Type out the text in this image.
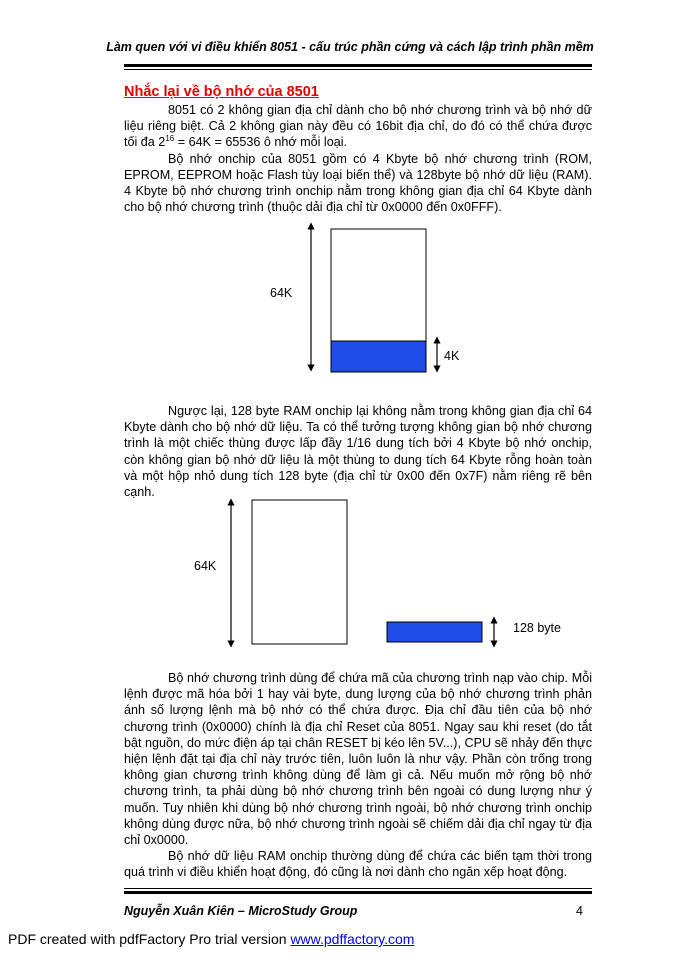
Làm quen với vi điều khiển 8051 - cấu trúc phần cứng và cách lập trình phần mềm
Nhắc lại về bộ nhớ của 8501

8051 có 2 không gian địa chỉ dành cho bộ nhớ chương trình và bộ nhớ dữ liệu riêng biệt. Cả 2 không gian này đều có 16bit địa chỉ, do đó có thể chứa được tối đa $2^{16} = 64K = 65536$ ô nhớ mỗi loại.

Bộ nhớ onchip của 8051 gồm có 4 Kbyte bộ nhớ chương trình (ROM, EPROM, EEPROM hoặc Flash tùy loại biến thể) và 128byte bộ nhớ dữ liệu (RAM). 4 Kbyte bộ nhớ chương trình onchip nằm trong không gian địa chỉ 64 Kbyte dành cho bộ nhớ chương trình (thuộc dải địa chỉ từ 0x0000 đến 0x0FFF).

64K
4K

Ngược lại, 128 byte RAM onchip lại không nằm trong không gian địa chỉ 64 Kbyte dành cho bộ nhớ dữ liệu. Ta có thể tưởng tượng không gian bộ nhớ chương trình là một chiếc thùng được lấp đầy 1/16 dung tích bởi 4 Kbyte bộ nhớ onchip, còn không gian bộ nhớ dữ liệu là một thùng to dung tích 64 Kbyte rỗng hoàn toàn và một hộp nhỏ dung tích 128 byte (địa chỉ từ 0x00 đến 0x7F) nằm riêng rẽ bên cạnh.

64K
128 byte

Bộ nhớ chương trình dùng để chứa mã của chương trình nạp vào chip. Mỗi lệnh được mã hóa bởi 1 hay vài byte, dung lượng của bộ nhớ chương trình phản ánh số lượng lệnh mà bộ nhớ có thể chứa được. Địa chỉ đầu tiên của bộ nhớ chương trình (0x0000) chính là địa chỉ Reset của 8051. Ngay sau khi reset (do tắt bật nguồn, do mức điện áp tại chân RESET bị kéo lên 5V...), CPU sẽ nhảy đến thực hiện lệnh đặt tại địa chỉ này trước tiên, luôn luôn là như vậy. Phần còn trống trong không gian chương trình không dùng để làm gì cả. Nếu muốn mở rộng bộ nhớ chương trình, ta phải dùng bộ nhớ chương trình bên ngoài có dung lượng như ý muốn. Tuy nhiên khi dùng bộ nhớ chương trình ngoài, bộ nhớ chương trình onchip không dùng được nữa, bộ nhớ chương trình ngoài sẽ chiếm dải địa chỉ ngay từ địa chỉ 0x0000.

Bộ nhớ dữ liệu RAM onchip thường dùng để chứa các biến tạm thời trong quá trình vi điều khiển hoạt động, đó cũng là nơi dành cho ngăn xếp hoạt động.

Nguyễn Xuân Kiên – MicroStudy Group	4
PDF created with pdfFactory Pro trial version www.pdffactory.com
